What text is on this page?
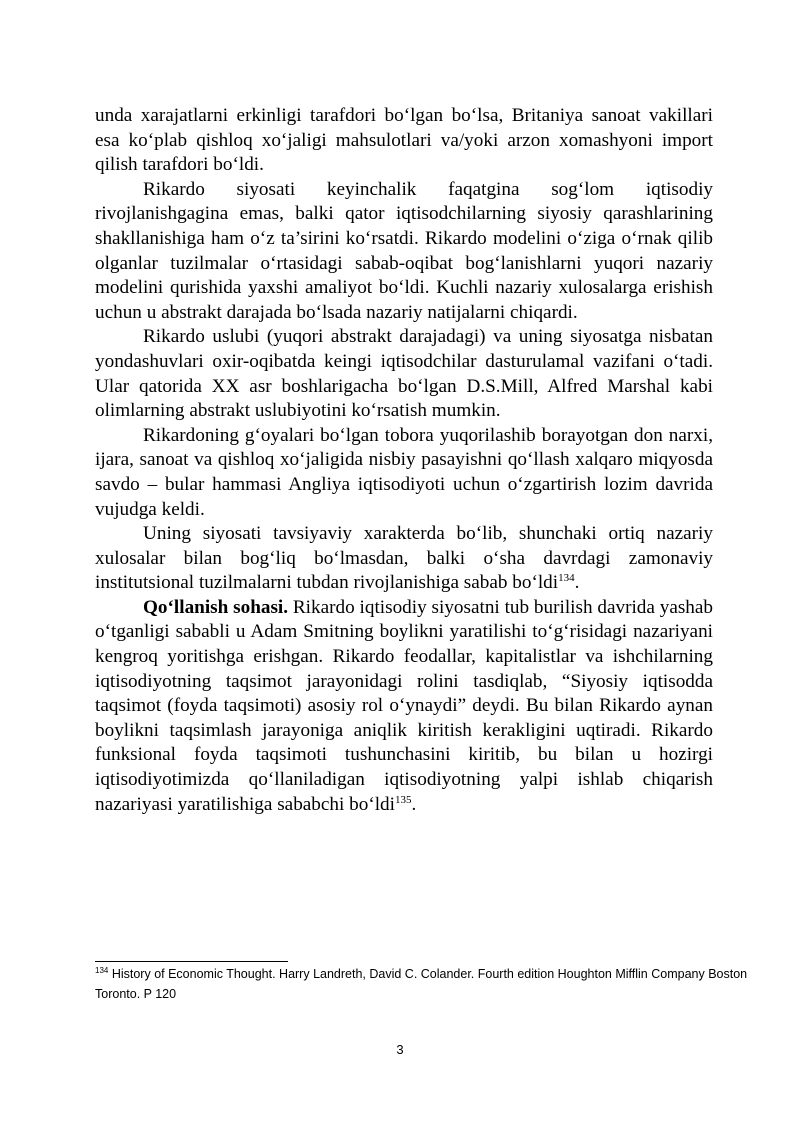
unda xarajatlarni erkinligi tarafdori bo‘lgan bo‘lsa, Britaniya sanoat vakillari esa ko‘plab qishloq xo‘jaligi mahsulotlari va/yoki arzon xomashyoni import qilish tarafdori bo‘ldi.

Rikardo siyosati keyinchalik faqatgina sog‘lom iqtisodiy rivojlanishgagina emas, balki qator iqtisodchilarning siyosiy qarashlarining shakllanishiga ham o‘z ta’sirini ko‘rsatdi. Rikardo modelini o‘ziga o‘rnak qilib olganlar tuzilmalar o‘rtasidagi sabab-oqibat bog‘lanishlarni yuqori nazariy modelini qurishida yaxshi amaliyot bo‘ldi. Kuchli nazariy xulosalarga erishish uchun u abstrakt darajada bo‘lsada nazariy natijalarni chiqardi.

Rikardo uslubi (yuqori abstrakt darajadagi) va uning siyosatga nisbatan yondashuvlari oxir-oqibatda keingi iqtisodchilar dasturulamal vazifani o‘tadi. Ular qatorida XX asr boshlarigacha bo‘lgan D.S.Mill, Alfred Marshal kabi olimlarning abstrakt uslubiyotini ko‘rsatish mumkin.

Rikardoning g‘oyalari bo‘lgan tobora yuqorilashib borayotgan don narxi, ijara, sanoat va qishloq xo‘jaligida nisbiy pasayishni qo‘llash xalqaro miqyosda savdo – bular hammasi Angliya iqtisodiyoti uchun o‘zgartirish lozim davrida vujudga keldi.

Uning siyosati tavsiyaviy xarakterda bo‘lib, shunchaki ortiq nazariy xulosalar bilan bog‘liq bo‘lmasdan, balki o‘sha davrdagi zamonaviy institutsional tuzilmalarni tubdan rivojlanishiga sabab bo‘ldi$^{134}$.

Qo‘llanish sohasi. Rikardo iqtisodiy siyosatni tub burilish davrida yashab o‘tganligi sababli u Adam Smitning boylikni yaratilishi to‘g‘risidagi nazariyani kengroq yoritishga erishgan. Rikardo feodallar, kapitalistlar va ishchilarning iqtisodiyotning taqsimot jarayonidagi rolini tasdiqlab, “Siyosiy iqtisodda taqsimot (foyda taqsimoti) asosiy rol o‘ynaydi” deydi. Bu bilan Rikardo aynan boylikni taqsimlash jarayoniga aniqlik kiritish kerakligini uqtiradi. Rikardo funksional foyda taqsimoti tushunchasini kiritib, bu bilan u hozirgi iqtisodiyotimizda qo‘llaniladigan iqtisodiyotning yalpi ishlab chiqarish nazariyasi yaratilishiga sababchi bo‘ldi$^{135}$.

$^{134}$ History of Economic Thought. Harry Landreth, David C. Colander. Fourth edition Houghton Mifflin Company Boston Toronto. P 120
3
